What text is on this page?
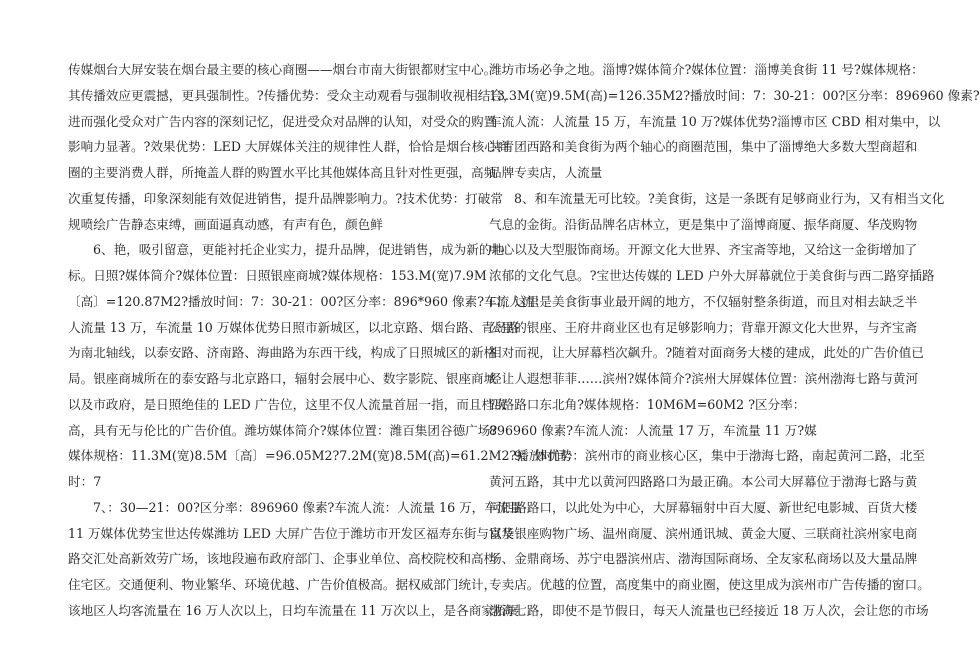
传媒烟台大屏安装在烟台最主要的核心商圈——烟台市南大街银都财宝中心。
其传播效应更震撼，更具强制性。?传播优势：受众主动观看与强制收视相结合，
进而强化受众对广告内容的深刻记忆，促进受众对品牌的认知，对受众的购置
影响力显著。?效果优势：LED 大屏媒体关注的规律性人群，恰恰是烟台核心商
圈的主要消费人群，所掩盖人群的购置水平比其他媒体高且针对性更强，高频
次重复传播，印象深刻能有效促进销售，提升品牌影响力。?技术优势：打破常
规喷绘广告静态束缚，画面逼真动感，有声有色，颜色鲜
6、艳，吸引留意，更能衬托企业实力，提升品牌，促进销售，成为新的地
标。日照?媒体简介?媒体位置：日照银座商城?媒体规格：153.M(宽)7.9M
〔高〕=120.87M2?播放时间：7：30-21：00?区分率：896*960 像素?车流人流：
人流量 13 万，车流量 10 万媒体优势日照市新城区，以北京路、烟台路、青岛路
为南北轴线，以泰安路、济南路、海曲路为东西干线，构成了日照城区的新格
局。银座商城所在的泰安路与北京路口，辐射会展中心、数字影院、银座商城
以及市政府，是日照绝佳的 LED 广告位，这里不仅人流量首屈一指，而且档次
高，具有无与伦比的广告价值。潍坊媒体简介?媒体位置：潍百集团谷德广场?
媒体规格：11.3M(宽)8.5M〔高〕=96.05M2?7.2M(宽)8.5M(高)=61.2M2?播放时间：
时：7
7、：30—21：00?区分率：896960 像素?车流人流：人流量 16 万，车流量
11 万媒体优势宝世达传媒潍坊 LED 大屏广告位于潍坊市开发区福寿东街与富华
路交汇处高新效劳广场，该地段遍布政府部门、企事业单位、高校院校和高档
住宅区。交通便利、物业繁华、环境优越、广告价值极高。据权威部门统计，
该地区人均客流量在 16 万人次以上，日均车流量在 11 万次以上，是各商家拓展
潍坊市场必争之地。淄博?媒体简介?媒体位置：淄博美食街 11 号?媒体规格：
13.3M(宽)9.5M(高)=126.35M2?播放时间：7：30-21：00?区分率：896960 像素?
车流人流：人流量 15 万，车流量 10 万?媒体优势?淄博市区 CBD 相对集中，以
共青团西路和美食街为两个轴心的商圈范围，集中了淄博绝大多数大型商超和
品牌专卖店，人流量
8、和车流量无可比较。?美食街，这是一条既有足够商业行为，又有相当文化
气息的金街。沿街品牌名店林立，更是集中了淄博商厦、振华商厦、华茂购物
中心以及大型服饰商场。开源文化大世界、齐宝斋等地，又给这一金街增加了
浓郁的文化气息。?宝世达传媒的 LED 户外大屏幕就位于美食街与西二路穿插路
口，这里是美食街事业最开阔的地方，不仅辐射整条街道，而且对相去缺乏半
公里的银座、王府井商业区也有足够影响力；背靠开源文化大世界，与齐宝斋
相对而视，让大屏幕档次飙升。?随着对面商务大楼的建成，此处的广告价值已
经让人遐想菲菲……滨州?媒体简介?滨州大屏媒体位置：滨州渤海七路与黄河
四路路口东北角?媒体规格：10M6M=60M2 ?区分率：
896960 像素?车流人流：人流量 17 万，车流量 11 万?媒
9、体优势：滨州市的商业核心区，集中于渤海七路，南起黄河二路，北至
黄河五路，其中尤以黄河四路路口为最正确。本公司大屏幕位于渤海七路与黄
河四路路口，以此处为中心，大屏幕辐射中百大厦、新世纪电影城、百货大楼
以及银座购物广场、温州商厦、滨州通讯城、黄金大厦、三联商社滨州家电商
场、金鼎商场、苏宁电器滨州店、渤海国际商场、全友家私商场以及大量品牌
专卖店。优越的位置，高度集中的商业圈，使这里成为滨州市广告传播的窗口。
渤海七路，即使不是节假日，每天人流量也已经接近 18 万人次，会让您的市场
